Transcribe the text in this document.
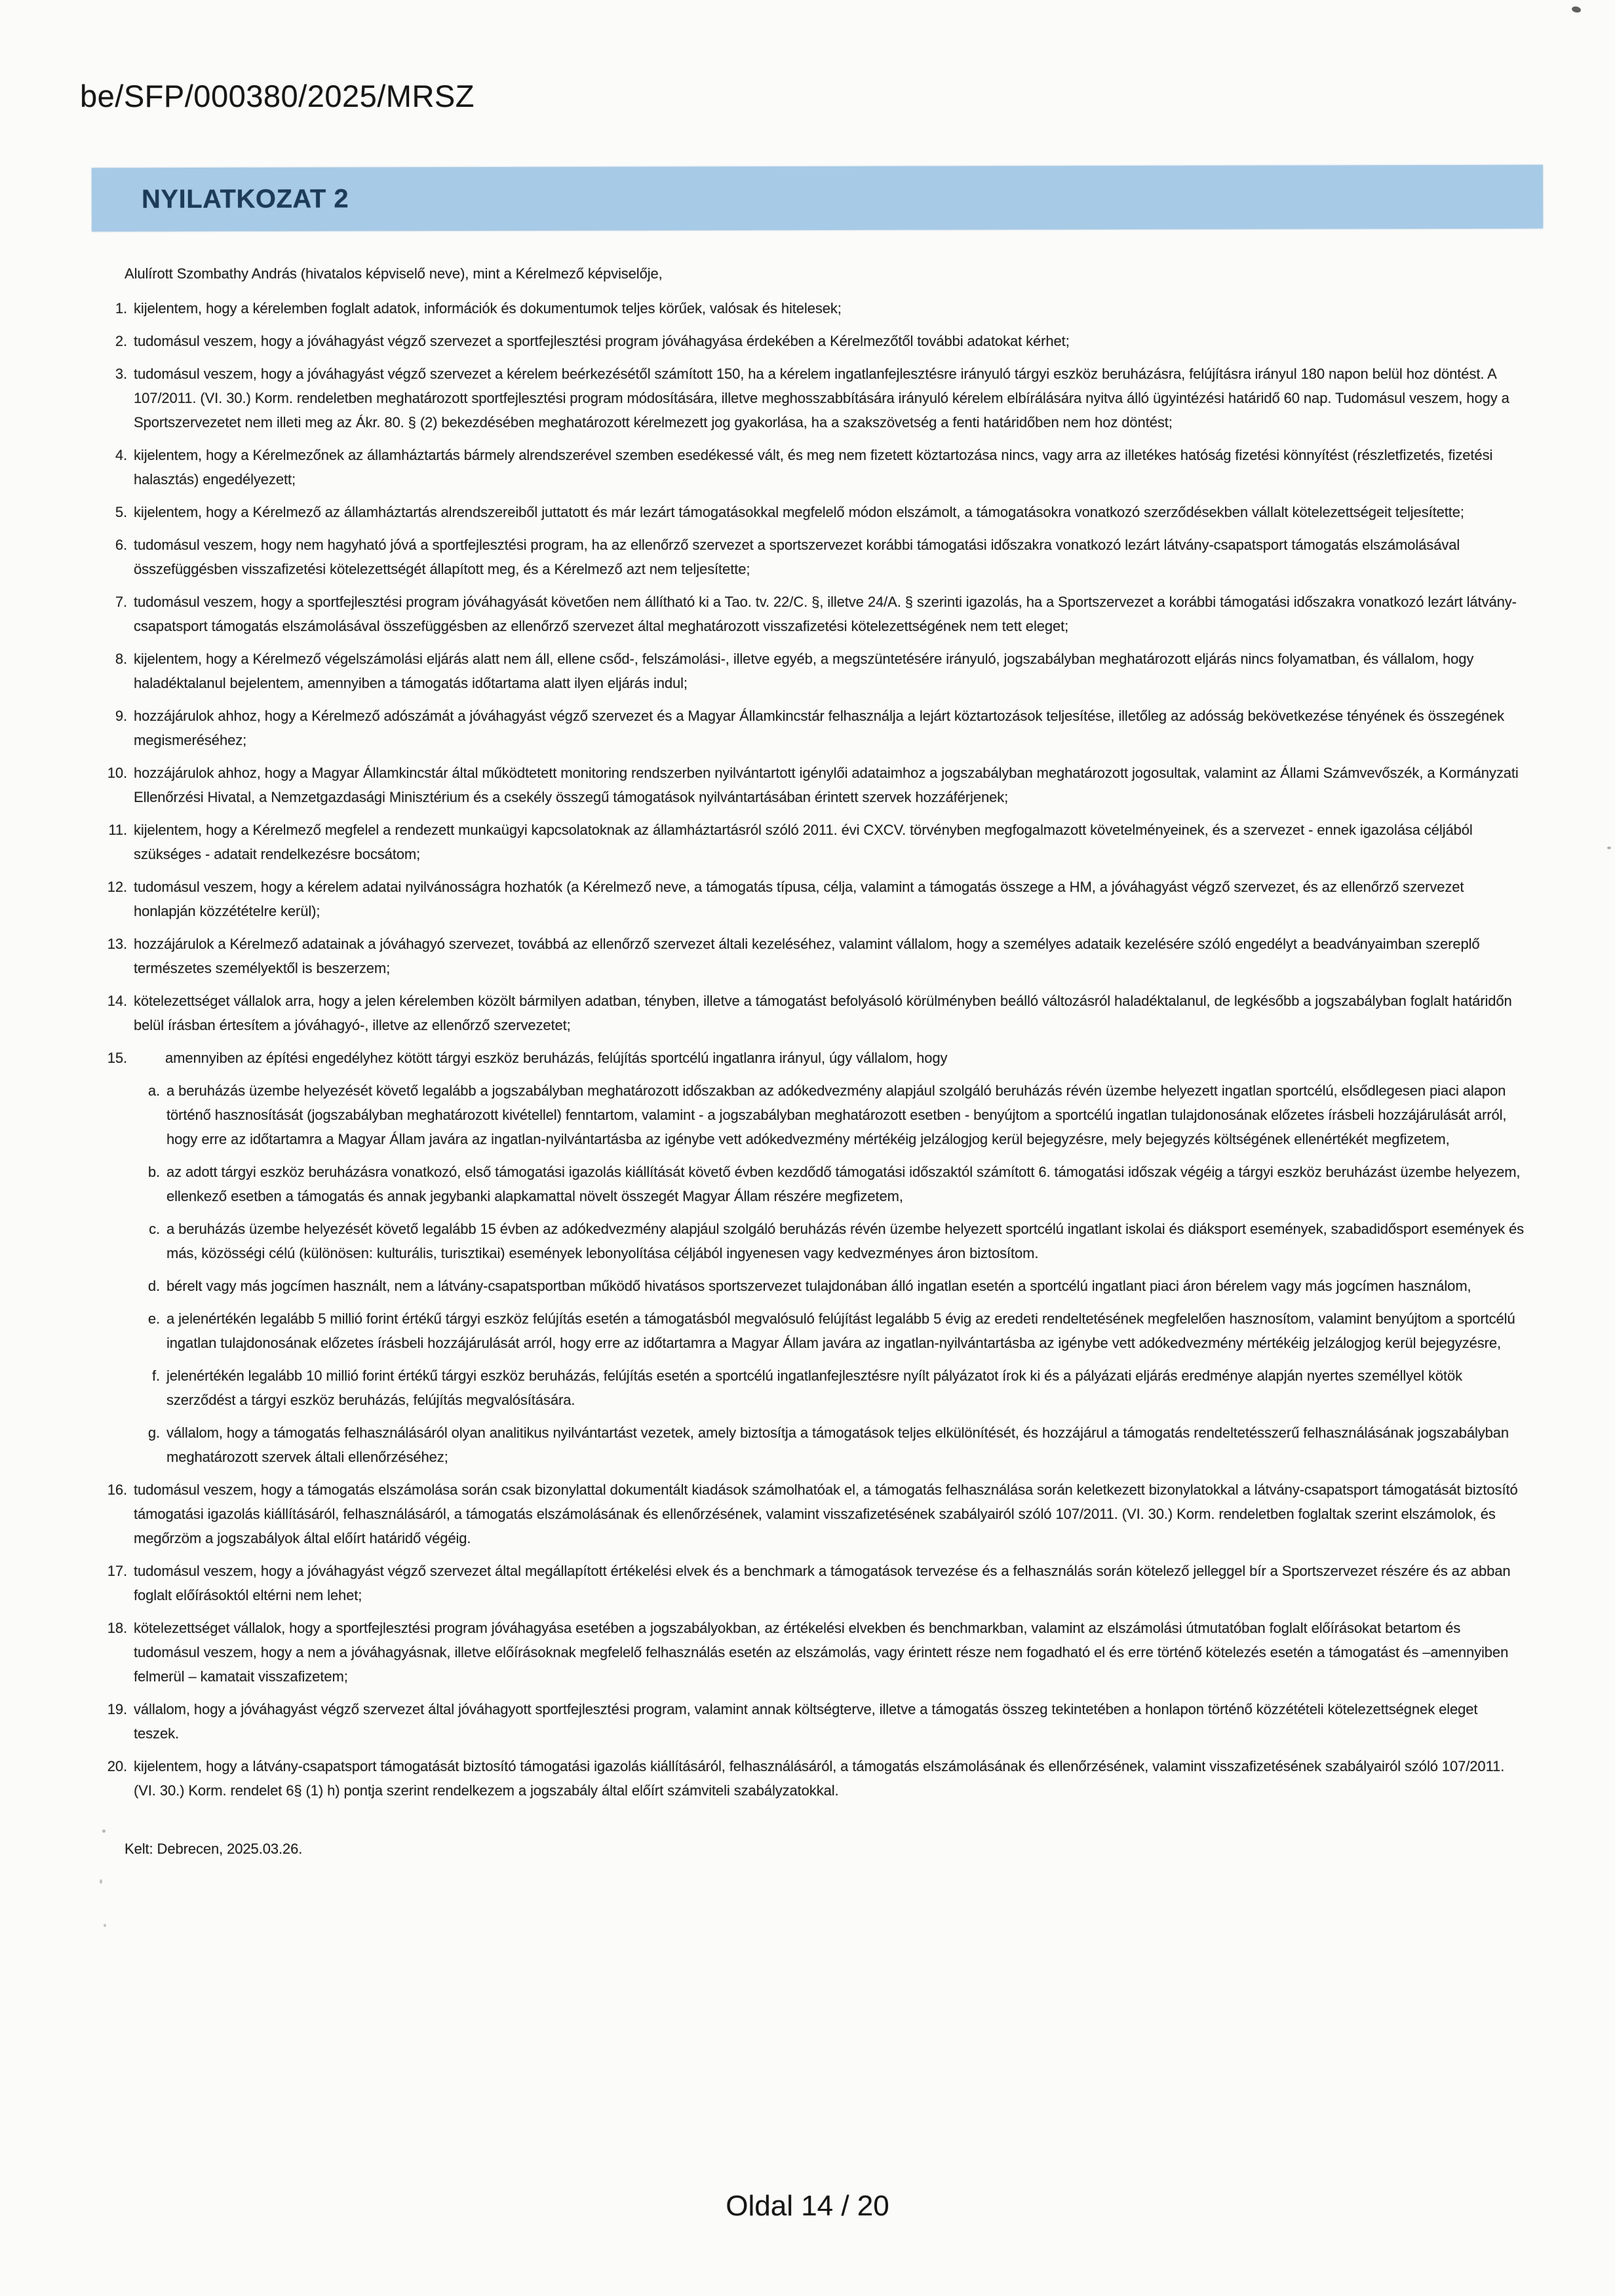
be/SFP/000380/2025/MRSZ
NYILATKOZAT 2

Alulírott Szombathy András (hivatalos képviselő neve), mint a Kérelmező képviselője,

1. kijelentem, hogy a kérelemben foglalt adatok, információk és dokumentumok teljes körűek, valósak és hitelesek;
2. tudomásul veszem, hogy a jóváhagyást végző szervezet a sportfejlesztési program jóváhagyása érdekében a Kérelmezőtől további adatokat kérhet;
3. tudomásul veszem, hogy a jóváhagyást végző szervezet a kérelem beérkezésétől számított 150, ha a kérelem ingatlanfejlesztésre irányuló tárgyi eszköz beruházásra, felújításra irányul 180 napon belül hoz döntést. A 107/2011. (VI. 30.) Korm. rendeletben meghatározott sportfejlesztési program módosítására, illetve meghosszabbítására irányuló kérelem elbírálására nyitva álló ügyintézési határidő 60 nap. Tudomásul veszem, hogy a Sportszervezetet nem illeti meg az Ákr. 80. § (2) bekezdésében meghatározott kérelmezett jog gyakorlása, ha a szakszövetség a fenti határidőben nem hoz döntést;
4. kijelentem, hogy a Kérelmezőnek az államháztartás bármely alrendszerével szemben esedékessé vált, és meg nem fizetett köztartozása nincs, vagy arra az illetékes hatóság fizetési könnyítést (részletfizetés, fizetési halasztás) engedélyezett;
5. kijelentem, hogy a Kérelmező az államháztartás alrendszereiből juttatott és már lezárt támogatásokkal megfelelő módon elszámolt, a támogatásokra vonatkozó szerződésekben vállalt kötelezettségeit teljesítette;
6. tudomásul veszem, hogy nem hagyható jóvá a sportfejlesztési program, ha az ellenőrző szervezet a sportszervezet korábbi támogatási időszakra vonatkozó lezárt látvány-csapatsport támogatás elszámolásával összefüggésben visszafizetési kötelezettségét állapított meg, és a Kérelmező azt nem teljesítette;
7. tudomásul veszem, hogy a sportfejlesztési program jóváhagyását követően nem állítható ki a Tao. tv. 22/C. §, illetve 24/A. § szerinti igazolás, ha a Sportszervezet a korábbi támogatási időszakra vonatkozó lezárt látvány-csapatsport támogatás elszámolásával összefüggésben az ellenőrző szervezet által meghatározott visszafizetési kötelezettségének nem tett eleget;
8. kijelentem, hogy a Kérelmező végelszámolási eljárás alatt nem áll, ellene csőd-, felszámolási-, illetve egyéb, a megszüntetésére irányuló, jogszabályban meghatározott eljárás nincs folyamatban, és vállalom, hogy haladéktalanul bejelentem, amennyiben a támogatás időtartama alatt ilyen eljárás indul;
9. hozzájárulok ahhoz, hogy a Kérelmező adószámát a jóváhagyást végző szervezet és a Magyar Államkincstár felhasználja a lejárt köztartozások teljesítése, illetőleg az adósság bekövetkezése tényének és összegének megismeréséhez;
10. hozzájárulok ahhoz, hogy a Magyar Államkincstár által működtetett monitoring rendszerben nyilvántartott igénylői adataimhoz a jogszabályban meghatározott jogosultak, valamint az Állami Számvevőszék, a Kormányzati Ellenőrzési Hivatal, a Nemzetgazdasági Minisztérium és a csekély összegű támogatások nyilvántartásában érintett szervek hozzáférjenek;
11. kijelentem, hogy a Kérelmező megfelel a rendezett munkaügyi kapcsolatoknak az államháztartásról szóló 2011. évi CXCV. törvényben megfogalmazott követelményeinek, és a szervezet - ennek igazolása céljából szükséges - adatait rendelkezésre bocsátom;
12. tudomásul veszem, hogy a kérelem adatai nyilvánosságra hozhatók (a Kérelmező neve, a támogatás típusa, célja, valamint a támogatás összege a HM, a jóváhagyást végző szervezet, és az ellenőrző szervezet honlapján közzétételre kerül);
13. hozzájárulok a Kérelmező adatainak a jóváhagyó szervezet, továbbá az ellenőrző szervezet általi kezeléséhez, valamint vállalom, hogy a személyes adataik kezelésére szóló engedélyt a beadványaimban szereplő természetes személyektől is beszerzem;
14. kötelezettséget vállalok arra, hogy a jelen kérelemben közölt bármilyen adatban, tényben, illetve a támogatást befolyásoló körülményben beálló változásról haladéktalanul, de legkésőbb a jogszabályban foglalt határidőn belül írásban értesítem a jóváhagyó-, illetve az ellenőrző szervezetet;
15.	amennyiben az építési engedélyhez kötött tárgyi eszköz beruházás, felújítás sportcélú ingatlanra irányul, úgy vállalom, hogy
a. a beruházás üzembe helyezését követő legalább a jogszabályban meghatározott időszakban az adókedvezmény alapjául szolgáló beruházás révén üzembe helyezett ingatlan sportcélú, elsődlegesen piaci alapon történő hasznosítását (jogszabályban meghatározott kivétellel) fenntartom, valamint - a jogszabályban meghatározott esetben - benyújtom a sportcélú ingatlan tulajdonosának előzetes írásbeli hozzájárulását arról, hogy erre az időtartamra a Magyar Állam javára az ingatlan-nyilvántartásba az igénybe vett adókedvezmény mértékéig jelzálogjog kerül bejegyzésre, mely bejegyzés költségének ellenértékét megfizetem,
b. az adott tárgyi eszköz beruházásra vonatkozó, első támogatási igazolás kiállítását követő évben kezdődő támogatási időszaktól számított 6. támogatási időszak végéig a tárgyi eszköz beruházást üzembe helyezem, ellenkező esetben a támogatás és annak jegybanki alapkamattal növelt összegét Magyar Állam részére megfizetem,
c. a beruházás üzembe helyezését követő legalább 15 évben az adókedvezmény alapjául szolgáló beruházás révén üzembe helyezett sportcélú ingatlant iskolai és diáksport események, szabadidősport események és más, közösségi célú (különösen: kulturális, turisztikai) események lebonyolítása céljából ingyenesen vagy kedvezményes áron biztosítom.
d. bérelt vagy más jogcímen használt, nem a látvány-csapatsportban működő hivatásos sportszervezet tulajdonában álló ingatlan esetén a sportcélú ingatlant piaci áron bérelem vagy más jogcímen használom,
e. a jelenértékén legalább 5 millió forint értékű tárgyi eszköz felújítás esetén a támogatásból megvalósuló felújítást legalább 5 évig az eredeti rendeltetésének megfelelően hasznosítom, valamint benyújtom a sportcélú ingatlan tulajdonosának előzetes írásbeli hozzájárulását arról, hogy erre az időtartamra a Magyar Állam javára az ingatlan-nyilvántartásba az igénybe vett adókedvezmény mértékéig jelzálogjog kerül bejegyzésre,
f. jelenértékén legalább 10 millió forint értékű tárgyi eszköz beruházás, felújítás esetén a sportcélú ingatlanfejlesztésre nyílt pályázatot írok ki és a pályázati eljárás eredménye alapján nyertes személlyel kötök szerződést a tárgyi eszköz beruházás, felújítás megvalósítására.
g. vállalom, hogy a támogatás felhasználásáról olyan analitikus nyilvántartást vezetek, amely biztosítja a támogatások teljes elkülönítését, és hozzájárul a támogatás rendeltetésszerű felhasználásának jogszabályban meghatározott szervek általi ellenőrzéséhez;
16. tudomásul veszem, hogy a támogatás elszámolása során csak bizonylattal dokumentált kiadások számolhatóak el, a támogatás felhasználása során keletkezett bizonylatokkal a látvány-csapatsport támogatását biztosító támogatási igazolás kiállításáról, felhasználásáról, a támogatás elszámolásának és ellenőrzésének, valamint visszafizetésének szabályairól szóló 107/2011. (VI. 30.) Korm. rendeletben foglaltak szerint elszámolok, és megőrzöm a jogszabályok által előírt határidő végéig.
17. tudomásul veszem, hogy a jóváhagyást végző szervezet által megállapított értékelési elvek és a benchmark a támogatások tervezése és a felhasználás során kötelező jelleggel bír a Sportszervezet részére és az abban foglalt előírásoktól eltérni nem lehet;
18. kötelezettséget vállalok, hogy a sportfejlesztési program jóváhagyása esetében a jogszabályokban, az értékelési elvekben és benchmarkban, valamint az elszámolási útmutatóban foglalt előírásokat betartom és tudomásul veszem, hogy a nem a jóváhagyásnak, illetve előírásoknak megfelelő felhasználás esetén az elszámolás, vagy érintett része nem fogadható el és erre történő kötelezés esetén a támogatást és –amennyiben felmerül – kamatait visszafizetem;
19. vállalom, hogy a jóváhagyást végző szervezet által jóváhagyott sportfejlesztési program, valamint annak költségterve, illetve a támogatás összeg tekintetében a honlapon történő közzétételi kötelezettségnek eleget teszek.
20. kijelentem, hogy a látvány-csapatsport támogatását biztosító támogatási igazolás kiállításáról, felhasználásáról, a támogatás elszámolásának és ellenőrzésének, valamint visszafizetésének szabályairól szóló 107/2011. (VI. 30.) Korm. rendelet 6§ (1) h) pontja szerint rendelkezem a jogszabály által előírt számviteli szabályzatokkal.

Kelt: Debrecen, 2025.03.26.

Oldal 14 / 20
